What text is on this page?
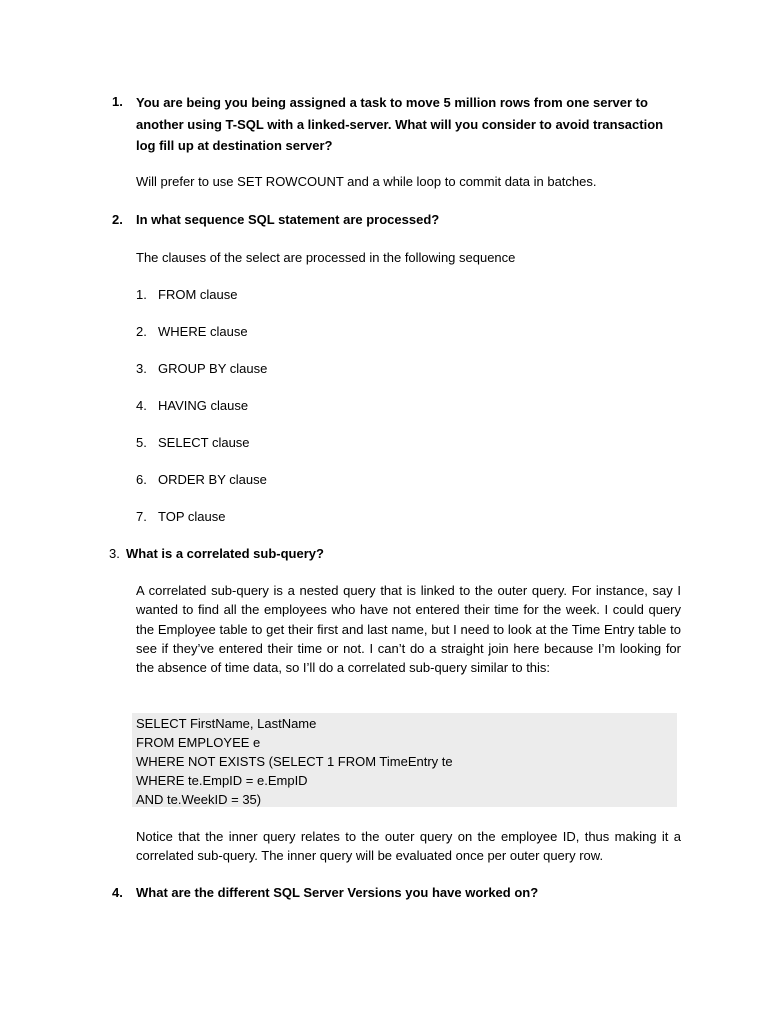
1. You are being you being assigned a task to move 5 million rows from one server to another using T-SQL with a linked-server. What will you consider to avoid transaction log fill up at destination server?
Will prefer to use SET ROWCOUNT and a while loop to commit data in batches.
2. In what sequence SQL statement are processed?
The clauses of the select are processed in the following sequence
1. FROM clause
2. WHERE clause
3. GROUP BY clause
4. HAVING clause
5. SELECT clause
6. ORDER BY clause
7. TOP clause
3. What is a correlated sub-query?
A correlated sub-query is a nested query that is linked to the outer query. For instance, say I wanted to find all the employees who have not entered their time for the week. I could query the Employee table to get their first and last name, but I need to look at the Time Entry table to see if they’ve entered their time or not. I can’t do a straight join here because I’m looking for the absence of time data, so I’ll do a correlated sub-query similar to this:
SELECT FirstName, LastName
FROM EMPLOYEE e
WHERE NOT EXISTS (SELECT 1 FROM TimeEntry te
WHERE te.EmpID = e.EmpID
AND te.WeekID = 35)
Notice that the inner query relates to the outer query on the employee ID, thus making it a correlated sub-query. The inner query will be evaluated once per outer query row.
4. What are the different SQL Server Versions you have worked on?
